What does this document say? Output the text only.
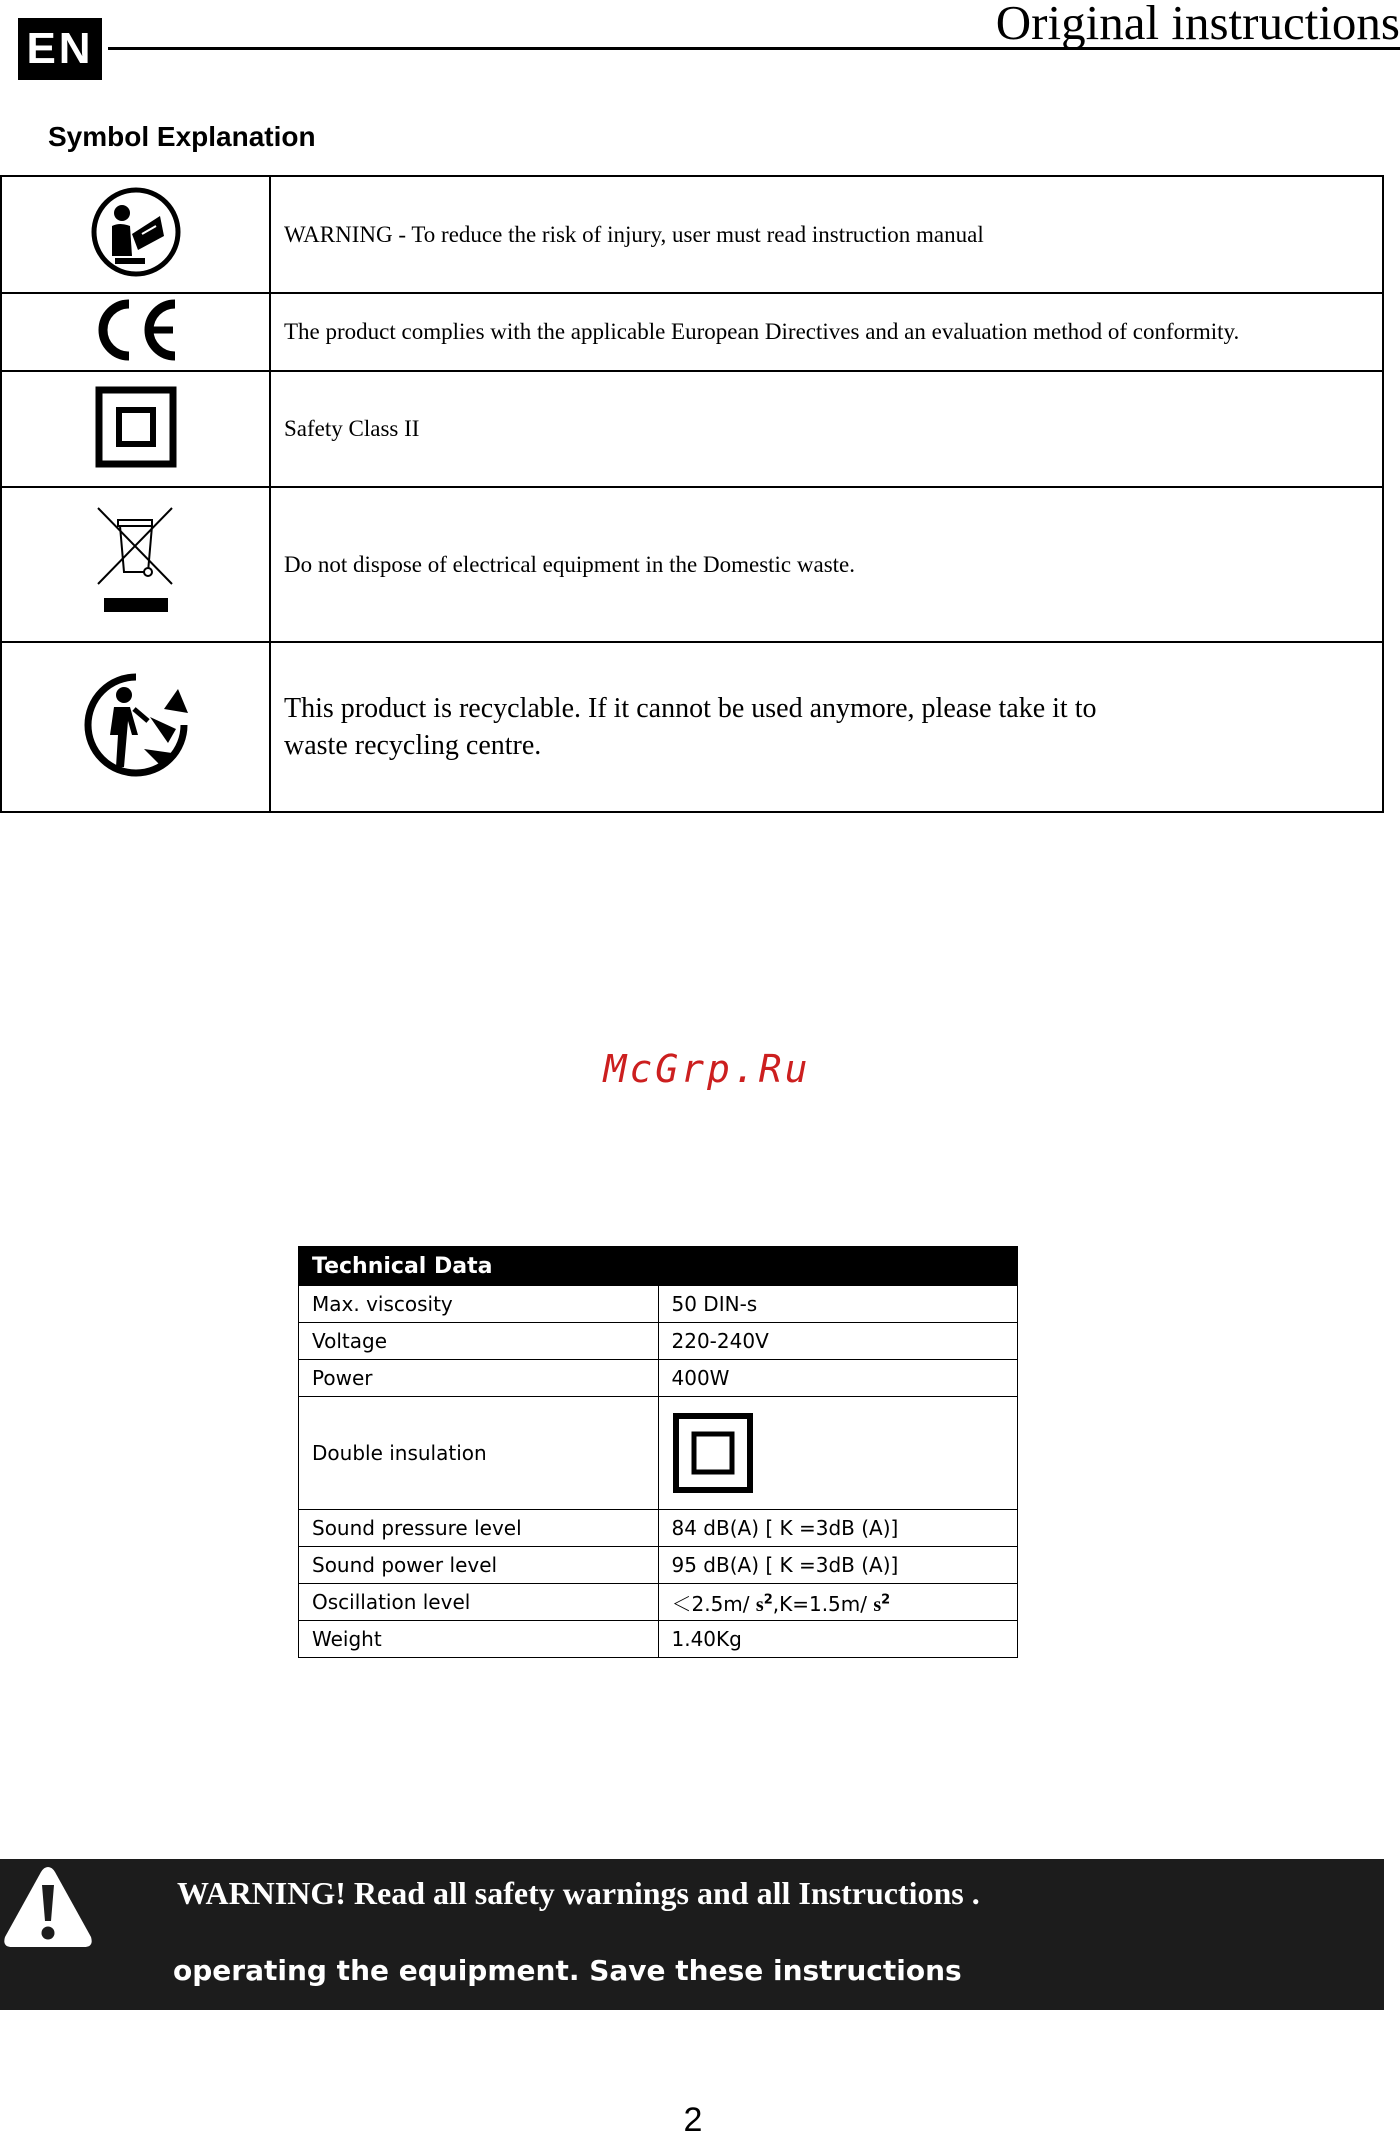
EN	Original instructions
Symbol Explanation
	WARNING - To reduce the risk of injury, user must read instruction manual
	The product complies with the applicable European Directives and an evaluation method of conformity.
	Safety Class II
	Do not dispose of electrical equipment in the Domestic waste.
	This product is recyclable. If it cannot be used anymore, please take it to
waste recycling centre.
McGrp.Ru
Technical Data	
Max. viscosity	50 DIN-s
Voltage	220-240V
Power	400W
Double insulation	

Sound pressure level	84 dB(A) [ K =3dB (A)]
Sound power level	95 dB(A) [ K =3dB (A)]
Oscillation level	＜2.5m/ $s^2,K=1.5m/$ $s^2$
Weight	1.40Kg
WARNING! Read all safety warnings and all Instructions .
operating the equipment. Save these instructions
2
